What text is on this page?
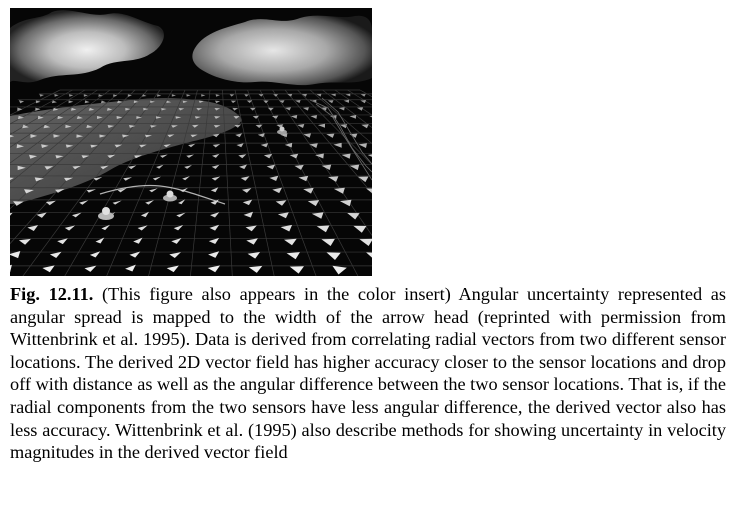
Fig. 12.11. (This figure also appears in the color insert) Angular uncertainty represented as angular spread is mapped to the width of the arrow head (reprinted with permission from Wittenbrink et al. 1995). Data is derived from correlating radial vectors from two different sensor locations. The derived 2D vector field has higher accuracy closer to the sensor locations and drop off with distance as well as the angular difference between the two sensor locations. That is, if the radial components from the two sensors have less angular difference, the derived vector also has less accuracy. Wittenbrink et al. (1995) also describe methods for showing uncertainty in velocity magnitudes in the derived vector field
